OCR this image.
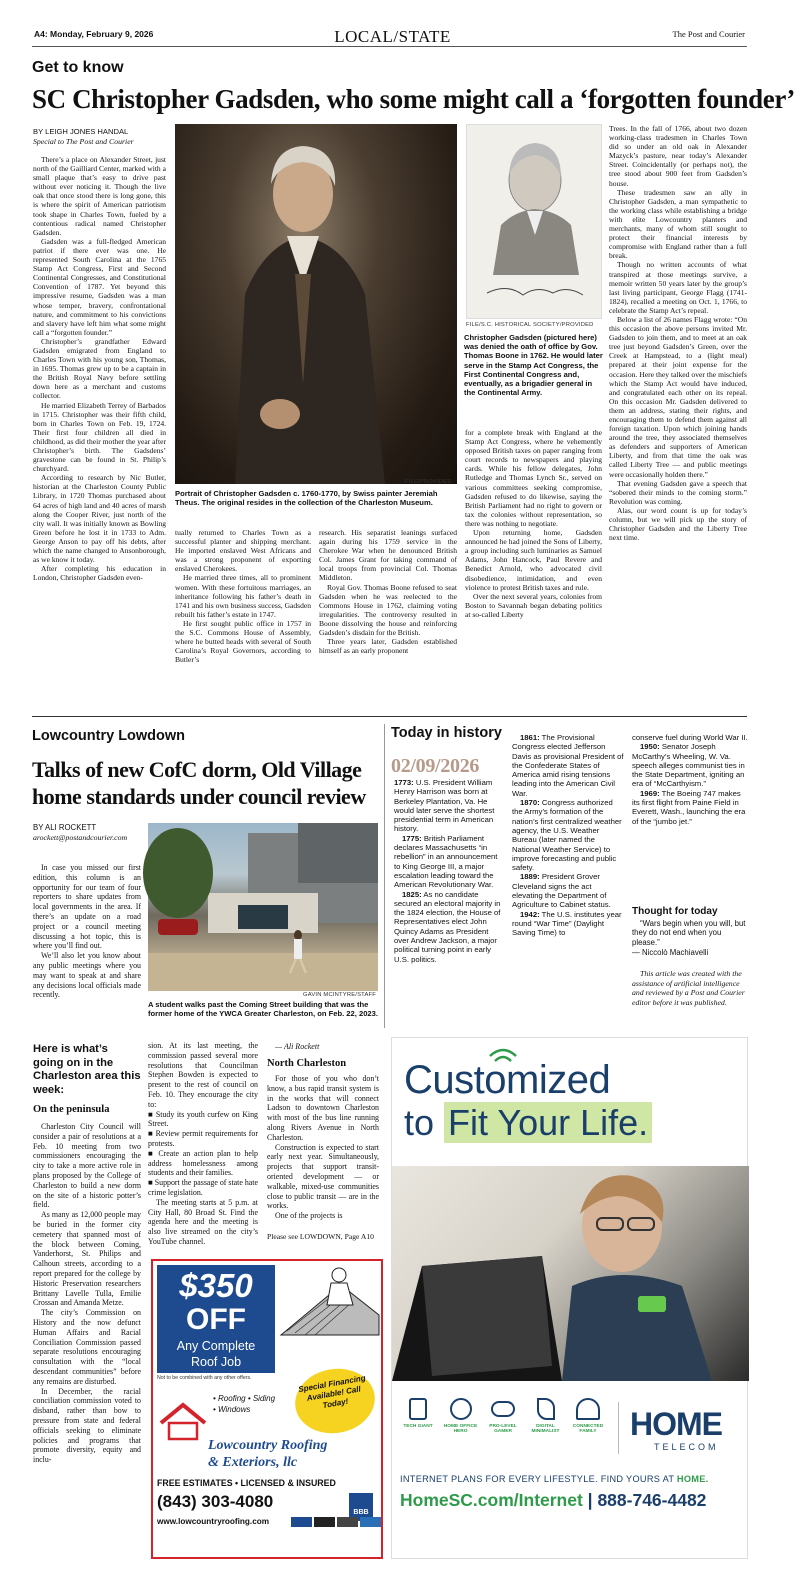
A4: Monday, February 9, 2026	LOCAL/STATE	The Post and Courier
Get to know
SC Christopher Gadsden, who some might call a ‘forgotten founder’
BY LEIGH JONES HANDAL
Special to The Post and Courier

There’s a place on Alexander Street, just north of the Gailliard Center, marked with a small plaque that’s easy to drive past without ever noticing it. Though the live oak that once stood there is long gone, this is where the spirit of American patriotism took shape in Charles Town, fueled by a contentious radical named Christopher Gadsden.

Gadsden was a full-fledged American patriot if there ever was one. He represented South Carolina at the 1765 Stamp Act Congress, First and Second Continental Congresses, and Constitutional Convention of 1787. Yet beyond this impressive resume, Gadsden was a man whose temper, bravery, confrontational nature, and commitment to his convictions and slavery have left him what some might call a “forgotten founder.”

Christopher’s grandfather Edward Gadsden emigrated from England to Charles Town with his young son, Thomas, in 1695. Thomas grew up to be a captain in the British Royal Navy before settling down here as a merchant and customs collector.

He married Elizabeth Terrey of Barbados in 1715. Christopher was their fifth child, born in Charles Town on Feb. 19, 1724. Their first four children all died in childhood, as did their mother the year after Christopher’s birth. The Gadsdens’ gravestone can be found in St. Philip’s churchyard.

According to research by Nic Butler, historian at the Charleston County Public Library, in 1720 Thomas purchased about 64 acres of high land and 40 acres of marsh along the Cooper River, just north of the city wall. It was initially known as Bowling Green before he lost it in 1733 to Adm. George Anson to pay off his debts, after which the name changed to Ansonborough, as we know it today.

After completing his education in London, Christopher Gadsden even-

FILE/PROVIDED
Portrait of Christopher Gadsden c. 1760-1770, by Swiss painter Jeremiah Theus. The original resides in the collection of the Charleston Museum.

tually returned to Charles Town as a successful planter and shipping merchant. He imported enslaved West Africans and was a strong proponent of exporting enslaved Cherokees.

He married three times, all to prominent women. With these fortuitous marriages, an inheritance following his father’s death in 1741 and his own business success, Gadsden rebuilt his father’s estate in 1747.

He first sought public office in 1757 in the S.C. Commons House of Assembly, where he butted heads with several of South Carolina’s Royal Governors, according to Butler’s

research. His separatist leanings surfaced again during his 1759 service in the Cherokee War when he denounced British Col. James Grant for taking command of local troops from provincial Col. Thomas Middleton.

Royal Gov. Thomas Boone refused to seat Gadsden when he was reelected to the Commons House in 1762, claiming voting irregularities. The controversy resulted in Boone dissolving the house and reinforcing Gadsden’s disdain for the British.

Three years later, Gadsden established himself as an early proponent

FILE/S.C. HISTORICAL SOCIETY/PROVIDED
Christopher Gadsden (pictured here) was denied the oath of office by Gov. Thomas Boone in 1762. He would later serve in the Stamp Act Congress, the First Continental Congress and, eventually, as a brigadier general in the Continental Army.

for a complete break with England at the Stamp Act Congress, where he vehemently opposed British taxes on paper ranging from court records to newspapers and playing cards. While his fellow delegates, John Rutledge and Thomas Lynch Sr., served on various committees seeking compromise, Gadsden refused to do likewise, saying the British Parliament had no right to govern or tax the colonies without representation, so there was nothing to negotiate.

Upon returning home, Gadsden announced he had joined the Sons of Liberty, a group including such luminaries as Samuel Adams, John Hancock, Paul Revere and Benedict Arnold, who advocated civil disobedience, intimidation, and even violence to protest British taxes and rule.

Over the next several years, colonies from Boston to Savannah began debating politics at so-called Liberty

Trees. In the fall of 1766, about two dozen working-class tradesmen in Charles Town did so under an old oak in Alexander Mazyck’s pasture, near today’s Alexander Street. Coincidentally (or perhaps not), the tree stood about 900 feet from Gadsden’s house.

These tradesmen saw an ally in Christopher Gadsden, a man sympathetic to the working class while establishing a bridge with elite Lowcountry planters and merchants, many of whom still sought to protect their financial interests by compromise with England rather than a full break.

Though no written accounts of what transpired at those meetings survive, a memoir written 50 years later by the group’s last living participant, George Flagg (1741-1824), recalled a meeting on Oct. 1, 1766, to celebrate the Stamp Act’s repeal.

Below a list of 26 names Flagg wrote: “On this occasion the above persons invited Mr. Gadsden to join them, and to meet at an oak tree just beyond Gadsden’s Green, over the Creek at Hampstead, to a (light meal) prepared at their joint expense for the occasion. Here they talked over the mischiefs which the Stamp Act would have induced, and congratulated each other on its repeal. On this occasion Mr. Gadsden delivered to them an address, stating their rights, and encouraging them to defend them against all foreign taxation. Upon which joining hands around the tree, they associated themselves as defenders and supporters of American Liberty, and from that time the oak was called Liberty Tree — and public meetings were occasionally holden there.”

That evening Gadsden gave a speech that “sobered their minds to the coming storm.” Revolution was coming.

Alas, our word count is up for today’s column, but we will pick up the story of Christopher Gadsden and the Liberty Tree next time.

Lowcountry Lowdown
Talks of new CofC dorm, Old Village home standards under council review
BY ALI ROCKETT
arockett@postandcourier.com

In case you missed our first edition, this column is an opportunity for our team of four reporters to share updates from local governments in the area. If there’s an update on a road project or a council meeting discussing a hot topic, this is where you’ll find out.

We’ll also let you know about any public meetings where you may want to speak at and share any decisions local officials made recently.	GAVIN MCINTYRE/STAFF
A student walks past the Coming Street building that was the former home of the YWCA Greater Charleston, on Feb. 22, 2023.
Here is what’s going on in the Charleston area this week:
On the peninsula

Charleston City Council will consider a pair of resolutions at a Feb. 10 meeting from two commissioners encouraging the city to take a more active role in plans proposed by the College of Charleston to build a new dorm on the site of a historic potter’s field.

As many as 12,000 people may be buried in the former city cemetery that spanned most of the block between Coming, Vanderhorst, St. Philips and Calhoun streets, according to a report prepared for the college by Historic Preservation researchers Brittany Lavelle Tulla, Emilie Crossan and Amanda Metze.

The city’s Commission on History and the now defunct Human Affairs and Racial Conciliation Commission passed separate resolutions encouraging consultation with the “local descendant communities” before any remains are disturbed.

In December, the racial conciliation commission voted to disband, rather than bow to pressure from state and federal officials seeking to eliminate policies and programs that promote diversity, equity and inclu-

sion. At its last meeting, the commission passed several more resolutions that Councilman Stephen Bowden is expected to present to the rest of council on Feb. 10. They encourage the city to:

■ Study its youth curfew on King Street.

■ Review permit requirements for protests.

■ Create an action plan to help address homelessness among students and their families.

■ Support the passage of state hate crime legislation.

The meeting starts at 5 p.m. at City Hall, 80 Broad St. Find the agenda here and the meeting is also live streamed on the city’s YouTube channel.

— Ali Rockett
North Charleston

For those of you who don’t know, a bus rapid transit system is in the works that will connect Ladson to downtown Charleston with most of the bus line running along Rivers Avenue in North Charleston.

Construction is expected to start early next year. Simultaneously, projects that support transit-oriented development — or walkable, mixed-use communities close to public transit — are in the works.

One of the projects is

Please see LOWDOWN, Page A10
$350
OFF
Any Complete
Roof Job
Not to be combined with any other offers.
• Roofing • Siding
• Windows
Special Financing Available! Call Today!
Lowcountry Roofing
& Exteriors, llc
FREE ESTIMATES • LICENSED & INSURED
(843) 303-4080
www.lowcountryroofing.com
BBB
Today in history
02/09/2026

1773: U.S. President William Henry Harrison was born at Berkeley Plantation, Va. He would later serve the shortest presidential term in American history.

1775: British Parliament declares Massachusetts “in rebellion” in an announcement to King George III, a major escalation leading toward the American Revolutionary War.

1825: As no candidate secured an electoral majority in the 1824 election, the House of Representatives elect John Quincy Adams as President over Andrew Jackson, a major political turning point in early U.S. politics.

1861: The Provisional Congress elected Jefferson Davis as provisional President of the Confederate States of America amid rising tensions leading into the American Civil War.

1870: Congress authorized the Army’s formation of the nation’s first centralized weather agency, the U.S. Weather Bureau (later named the National Weather Service) to improve forecasting and public safety.

1889: President Grover Cleveland signs the act elevating the Department of Agriculture to Cabinet status.

1942: The U.S. institutes year round “War Time” (Daylight Saving Time) to

conserve fuel during World War II.

1950: Senator Joseph McCarthy’s Wheeling, W. Va. speech alleges communist ties in the State Department, igniting an era of “McCarthyism.”

1969: The Boeing 747 makes its first flight from Paine Field in Everett, Wash., launching the era of the “jumbo jet.”

Thought for today
“Wars begin when you will, but they do not end when you please.”
— Niccolò Machiavelli
This article was created with the assistance of artificial intelligence and reviewed by a Post and Courier editor before it was published.
Customized
to Fit Your Life.
TECH GIANT	HOME OFFICE HERO
PRO-LEVEL GAMER
DIGITAL MINIMALIST
CONNECTED FAMILY	HOME
TELECOM
INTERNET PLANS FOR EVERY LIFESTYLE. FIND YOURS AT HOME.
HomeSC.com/Internet | 888-746-4482
